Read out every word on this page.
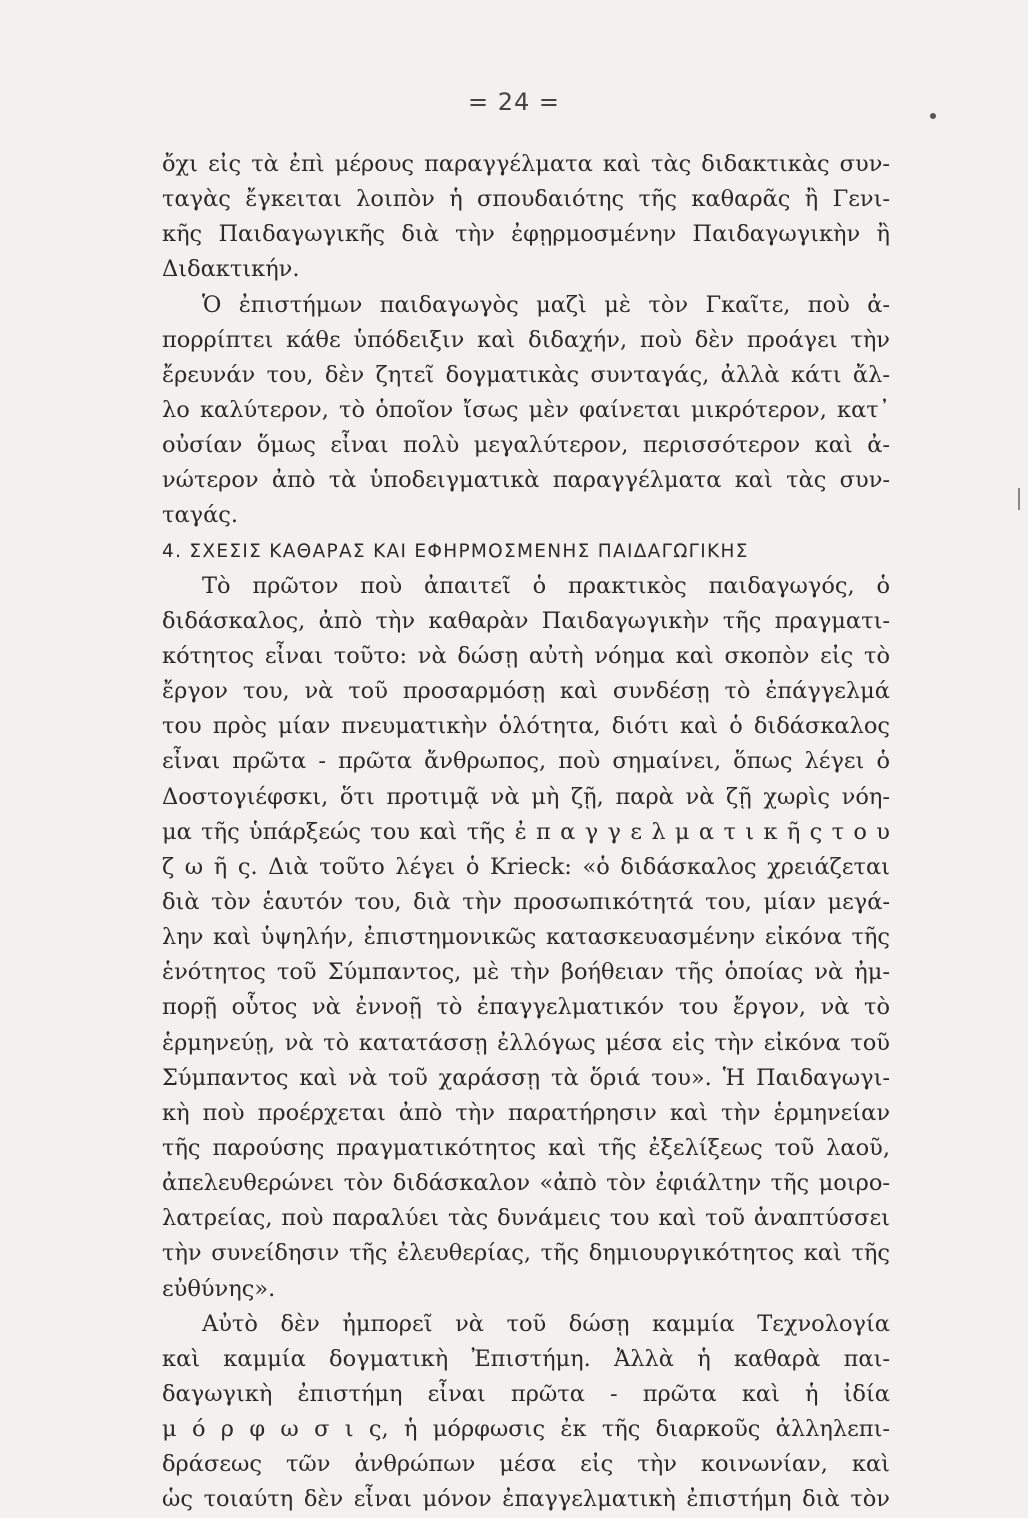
= 24 =
ὄχι εἰς τὰ ἐπὶ μέρους παραγγέλματα καὶ τὰς διδακτικὰς συν-
ταγὰς ἔγκειται λοιπὸν ἡ σπουδαιότης τῆς καθαρᾶς ἢ Γενι-
κῆς Παιδαγωγικῆς διὰ τὴν ἐφῃρμοσμένην Παιδαγωγικὴν ἢ
Διδακτικήν.
Ὁ ἐπιστήμων παιδαγωγὸς μαζὶ μὲ τὸν Γκαῖτε, ποὺ ἀ-
πορρίπτει κάθε ὑπόδειξιν καὶ διδαχήν, ποὺ δὲν προάγει τὴν
ἔρευνάν του, δὲν ζητεῖ δογματικὰς συνταγάς, ἀλλὰ κάτι ἄλ-
λο καλύτερον, τὸ ὁποῖον ἴσως μὲν φαίνεται μικρότερον, κατ᾽
οὐσίαν ὅμως εἶναι πολὺ μεγαλύτερον, περισσότερον καὶ ἀ-
νώτερον ἀπὸ τὰ ὑποδειγματικὰ παραγγέλματα καὶ τὰς συν-
ταγάς.
4. ΣΧΕΣΙΣ ΚΑΘΑΡΑΣ ΚΑΙ ΕΦΗΡΜΟΣΜΕΝΗΣ ΠΑΙΔΑΓΩΓΙΚΗΣ
Τὸ πρῶτον ποὺ ἀπαιτεῖ ὁ πρακτικὸς παιδαγωγός, ὁ
διδάσκαλος, ἀπὸ τὴν καθαρὰν Παιδαγωγικὴν τῆς πραγματι-
κότητος εἶναι τοῦτο: νὰ δώσῃ αὐτὴ νόημα καὶ σκοπὸν εἰς τὸ
ἔργον του, νὰ τοῦ προσαρμόσῃ καὶ συνδέσῃ τὸ ἐπάγγελμά
του πρὸς μίαν πνευματικὴν ὁλότητα, διότι καὶ ὁ διδάσκαλος
εἶναι πρῶτα - πρῶτα ἄνθρωπος, ποὺ σημαίνει, ὅπως λέγει ὁ
Δοστογιέφσκι, ὅτι προτιμᾷ νὰ μὴ ζῇ, παρὰ νὰ ζῇ χωρὶς νόη-
μα τῆς ὑπάρξεώς του καὶ τῆς ἐ π α γ γ ε λ μ α τ ι κ ῆ ς τ ο υ
ζ ω ῆ ς. Διὰ τοῦτο λέγει ὁ Krieck: «ὁ διδάσκαλος χρειάζεται
διὰ τὸν ἑαυτόν του, διὰ τὴν προσωπικότητά του, μίαν μεγά-
λην καὶ ὑψηλήν, ἐπιστημονικῶς κατασκευασμένην εἰκόνα τῆς
ἑνότητος τοῦ Σύμπαντος, μὲ τὴν βοήθειαν τῆς ὁποίας νὰ ἠμ-
πορῇ οὗτος νὰ ἐννοῇ τὸ ἐπαγγελματικόν του ἔργον, νὰ τὸ
ἑρμηνεύῃ, νὰ τὸ κατατάσσῃ ἐλλόγως μέσα εἰς τὴν εἰκόνα τοῦ
Σύμπαντος καὶ νὰ τοῦ χαράσσῃ τὰ ὅριά του». Ἡ Παιδαγωγι-
κὴ ποὺ προέρχεται ἀπὸ τὴν παρατήρησιν καὶ τὴν ἑρμηνείαν
τῆς παρούσης πραγματικότητος καὶ τῆς ἐξελίξεως τοῦ λαοῦ,
ἀπελευθερώνει τὸν διδάσκαλον «ἀπὸ τὸν ἐφιάλτην τῆς μοιρο-
λατρείας, ποὺ παραλύει τὰς δυνάμεις του καὶ τοῦ ἀναπτύσσει
τὴν συνείδησιν τῆς ἐλευθερίας, τῆς δημιουργικότητος καὶ τῆς
εὐθύνης».
Αὐτὸ δὲν ἠμπορεῖ νὰ τοῦ δώσῃ καμμία Τεχνολογία
καὶ καμμία δογματικὴ Ἐπιστήμη. Ἀλλὰ ἡ καθαρὰ παι-
δαγωγικὴ ἐπιστήμη εἶναι πρῶτα - πρῶτα καὶ ἡ ἰδία
μ ό ρ φ ω σ ι ς, ἡ μόρφωσις ἐκ τῆς διαρκοῦς ἀλληλεπι-
δράσεως τῶν ἀνθρώπων μέσα εἰς τὴν κοινωνίαν, καὶ
ὡς τοιαύτη δὲν εἶναι μόνον ἐπαγγελματικὴ ἐπιστήμη διὰ τὸν
